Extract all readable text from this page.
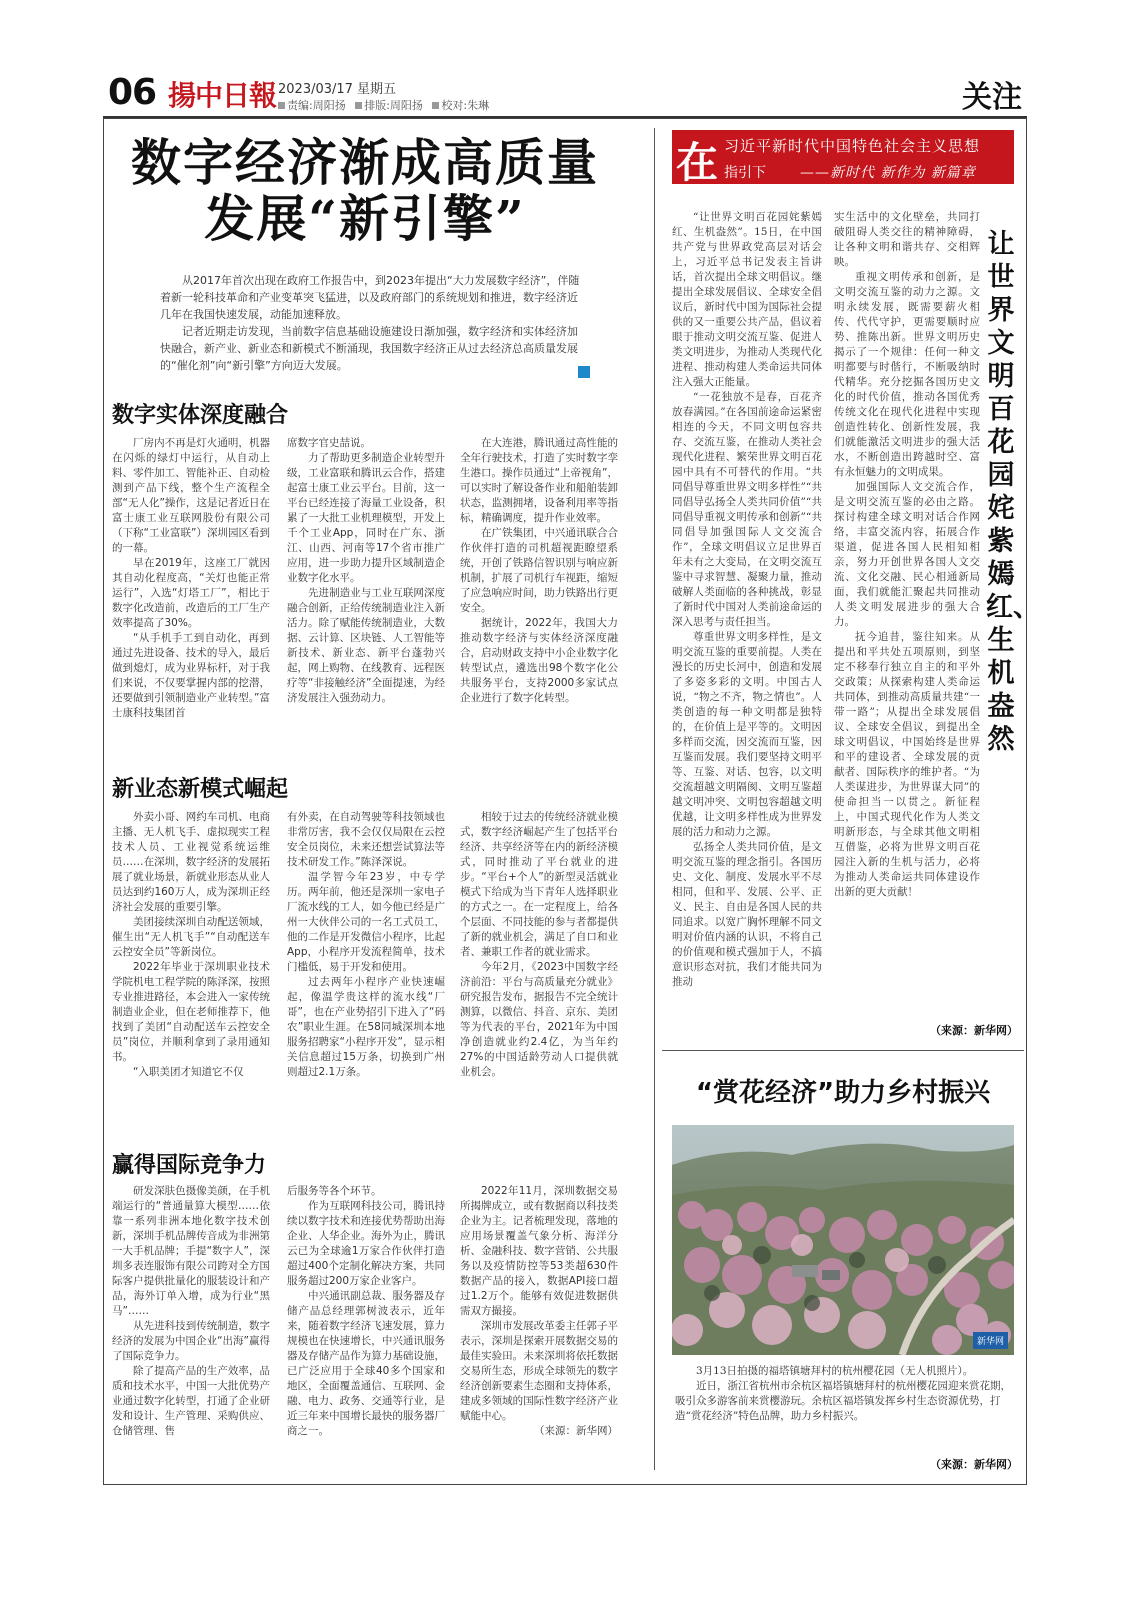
06 揚中日報 2023/03/17 星期五
责编:周阳扬 排版:周阳扬 校对:朱琳	关注
数字经济渐成高质量
发展“新引擎”

从2017年首次出现在政府工作报告中，到2023年提出“大力发展数字经济”，伴随着新一轮科技革命和产业变革突飞猛进，以及政府部门的系统规划和推进，数字经济近几年在我国快速发展，动能加速释放。

记者近期走访发现，当前数字信息基础设施建设日渐加强，数字经济和实体经济加快融合，新产业、新业态和新模式不断涌现，我国数字经济正从过去经济总高质量发展的“催化剂”向“新引擎”方向迈大发展。

数字实体深度融合

厂房内不再是灯火通明，机器在闪烁的绿灯中运行，从自动上料、零件加工、智能补正、自动检测到产品下线，整个生产流程全部“无人化”操作，这是记者近日在富士康工业互联网股份有限公司（下称“工业富联”）深圳园区看到的一幕。

早在2019年，这座工厂就因其自动化程度高，“关灯也能正常运行”，入选“灯塔工厂”，相比于数字化改造前，改造后的工厂生产效率提高了30%。

“从手机手工到自动化，再到通过先进设备、技术的导入，最后做到熄灯，成为业界标杆，对于我们来说，不仅要掌握内部的挖潜，还要做到引领制造业产业转型。”富士康科技集团首

席数字官史喆说。

力了帮助更多制造企业转型升级，工业富联和腾讯云合作，搭建起富士康工业云平台。目前，这一平台已经连接了海量工业设备，积累了一大批工业机理模型，开发上千个工业App，同时在广东、浙江、山西、河南等17个省市推广应用，进一步助力提升区域制造企业数字化水平。

先进制造业与工业互联网深度融合创新，正给传统制造业注入新活力。除了赋能传统制造业，大数据、云计算、区块链、人工智能等新技术、新业态、新平台蓬勃兴起，网上购物、在线教育、远程医疗等“非接触经济”全面提速，为经济发展注入强劲动力。

在大连港，腾讯通过高性能的全年行驶技术，打造了实时数字孪生港口。操作员通过“上帝视角”，可以实时了解设备作业和船舶装卸状态，监测拥堵，设备利用率等指标，精确调度，提升作业效率。

在广铁集团，中兴通讯联合合作伙伴打造的司机超视距瞭望系统，开创了铁路信智识别与响应新机制，扩展了司机行车视距，缩短了应急响应时间，助力铁路出行更安全。

据统计，2022年，我国大力推动数字经济与实体经济深度融合，启动财政支持中小企业数字化转型试点，遴选出98个数字化公共服务平台，支持2000多家试点企业进行了数字化转型。

新业态新模式崛起

外卖小哥、网约车司机、电商主播、无人机飞手、虚拟现实工程技术人员、工业视觉系统运维员……在深圳，数字经济的发展拓展了就业场景，新就业形态从业人员达到约160万人，成为深圳正经济社会发展的重要引擎。

美团接续深圳自动配送领域，催生出“无人机飞手”“自动配送车云控安全员”等新岗位。

2022年毕业于深圳职业技术学院机电工程学院的陈泽深，按照专业推进路径，本会进入一家传统制造业企业，但在老师推荐下，他找到了美团“自动配送车云控安全员”岗位，并顺利拿到了录用通知书。

“入职美团才知道它不仅

有外卖，在自动驾驶等科技领域也非常厉害，我不会仅仅局限在云控安全员岗位，未来还想尝试算法等技术研发工作。”陈泽深说。

温学智今年23岁，中专学历。两年前，他还是深圳一家电子厂流水线的工人，如今他已经是广州一大伙伴公司的一名工式员工，他的二作是开发微信小程序，比起App，小程序开发流程简单，技术门槛低，易于开发和使用。

过去两年小程序产业快速崛起，像温学贵这样的流水线“厂哥”，也在产业势招引下进入了“码农”职业生涯。在58同城深圳本地服务招聘家“小程序开发”，显示相关信息超过15万条，切换到广州则超过2.1万条。

相较于过去的传统经济就业模式，数字经济崛起产生了包括平台经济、共享经济等在内的新经济模式，同时推动了平台就业的进步。“平台+个人”的新型灵活就业模式下给成为当下青年人选择职业的方式之一。在一定程度上，给各个层面、不同技能的参与者都提供了新的就业机会，满足了自口和业者、兼职工作者的就业需求。

今年2月，《2023中国数字经济前沿：平台与高质量充分就业》研究报告发布，据报告不完全统计测算，以微信、抖音、京东、美团等为代表的平台，2021年为中国净创造就业约2.4亿，为当年约27%的中国适龄劳动人口提供就业机会。

赢得国际竞争力

研发深肤色摄像美颜，在手机端运行的“普通量算大模型……依靠一系列非洲本地化数字技术创新，深圳手机品牌传音成为非洲第一大手机品牌；手提“数字人”，深圳多表连服饰有限公司跨对全方国际客户提供批量化的服装设计和产品，海外订单入增，成为行业“黑马”……

从先进科技到传统制造，数字经济的发展为中国企业“出海”赢得了国际竞争力。

除了提高产品的生产效率，品质和技术水平，中国一大批优势产业通过数字化转型，打通了企业研发和设计、生产管理、采购供应、仓储管理、售

后服务等各个环节。

作为互联网科技公司，腾讯持续以数字技术和连接优势帮助出海企业、人华企业。海外为止，腾讯云已为全球逾1万家合作伙伴打造超过400个定制化解决方案，共同服务超过200万家企业客户。

中兴通讯副总裁、服务器及存储产品总经理郭树波表示，近年来，随着数字经济飞速发展，算力规模也在快速增长，中兴通讯服务器及存储产品作为算力基础设施，已广泛应用于全球40多个国家和地区，全面覆盖通信、互联网、金融、电力、政务、交通等行业，是近三年来中国增长最快的服务器厂商之一。

2022年11月，深圳数据交易所揭牌成立，或有数据商以科技类企业为主。记者梳理发现，落地的应用场景覆盖气象分析、海洋分析、金融科技、数字营销、公共服务以及疫情防控等53类超630件数据产品的接入，数据API接口超过1.2万个。能够有效促进数据供需双方撮接。

深圳市发展改革委主任郭子平表示，深圳是探索开展数据交易的最佳实验田。未来深圳将依托数据交易所生态，形成全球领先的数字经济创新要素生态圈和支持体系，建成多领域的国际性数字经济产业赋能中心。

（来源：新华网）

在 习近平新时代中国特色社会主义思想
指引下 ——新时代 新作为 新篇章
让世界文明百花园姹紫嫣红、生机盎然

“让世界文明百花园姹紫嫣红、生机盎然”。15日，在中国共产党与世界政党高层对话会上，习近平总书记发表主旨讲话，首次提出全球文明倡议。继提出全球发展倡议、全球安全倡议后，新时代中国为国际社会提供的又一重要公共产品，倡议着眼于推动文明交流互鉴、促进人类文明进步，为推动人类现代化进程、推动构建人类命运共同体注入强大正能量。

“一花独放不是春，百花齐放春满园。”在各国前途命运紧密相连的今天，不同文明包容共存、交流互鉴，在推动人类社会现代化进程、繁荣世界文明百花园中具有不可替代的作用。“共同倡导尊重世界文明多样性”“共同倡导弘扬全人类共同价值”“共同倡导重视文明传承和创新”“共同倡导加强国际人文交流合作”，全球文明倡议立足世界百年未有之大变局，在文明交流互鉴中寻求智慧、凝聚力量，推动破解人类面临的各种挑战，彰显了新时代中国对人类前途命运的深入思考与责任担当。

尊重世界文明多样性，是文明交流互鉴的重要前提。人类在漫长的历史长河中，创造和发展了多姿多彩的文明。中国古人说，“物之不齐，物之情也”。人类创造的每一种文明都是独特的，在价值上是平等的。文明因多样而交流，因交流而互鉴，因互鉴而发展。我们要坚持文明平等、互鉴、对话、包容，以文明交流超越文明隔阂、文明互鉴超越文明冲突、文明包容超越文明优越，让文明多样性成为世界发展的活力和动力之源。

弘扬全人类共同价值，是文明交流互鉴的理念指引。各国历史、文化、制度、发展水平不尽相同，但和平、发展、公平、正义、民主、自由是各国人民的共同追求。以宽广胸怀理解不同文明对价值内涵的认识，不将自己的价值观和模式强加于人，不搞意识形态对抗，我们才能共同为推动

实生活中的文化壁垒，共同打破阻碍人类交往的精神障碍，让各种文明和谐共存、交相辉映。

重视文明传承和创新，是文明交流互鉴的动力之源。文明永续发展，既需要薪火相传、代代守护，更需要顺时应势、推陈出新。世界文明历史揭示了一个规律：任何一种文明都要与时偕行，不断吸纳时代精华。充分挖掘各国历史文化的时代价值，推动各国优秀传统文化在现代化进程中实现创造性转化、创新性发展，我们就能激活文明进步的强大活水，不断创造出跨越时空、富有永恒魅力的文明成果。

加强国际人文交流合作，是文明交流互鉴的必由之路。探讨构建全球文明对话合作网络，丰富交流内容，拓展合作渠道，促进各国人民相知相亲，努力开创世界各国人文交流、文化交融、民心相通新局面，我们就能汇聚起共同推动人类文明发展进步的强大合力。

抚今追昔，鉴往知来。从提出和平共处五项原则，到坚定不移奉行独立自主的和平外交政策；从探索构建人类命运共同体，到推动高质量共建“一带一路”；从提出全球发展倡议、全球安全倡议，到提出全球文明倡议，中国始终是世界和平的建设者、全球发展的贡献者、国际秩序的维护者。“为人类谋进步，为世界谋大同”的使命担当一以贯之。新征程上，中国式现代化作为人类文明新形态，与全球其他文明相互借鉴，必将为世界文明百花园注入新的生机与活力，必将为推动人类命运共同体建设作出新的更大贡献！

（来源：新华网）
“赏花经济”助力乡村振兴
新华网

3月13日拍摄的福塔镇塘拜村的杭州樱花园（无人机照片）。

近日，浙江省杭州市余杭区福塔镇塘拜村的杭州樱花园迎来赏花期，吸引众多游客前来赏樱游玩。余杭区福塔镇发挥乡村生态资源优势，打造“赏花经济”特色品牌，助力乡村振兴。

（来源：新华网）
